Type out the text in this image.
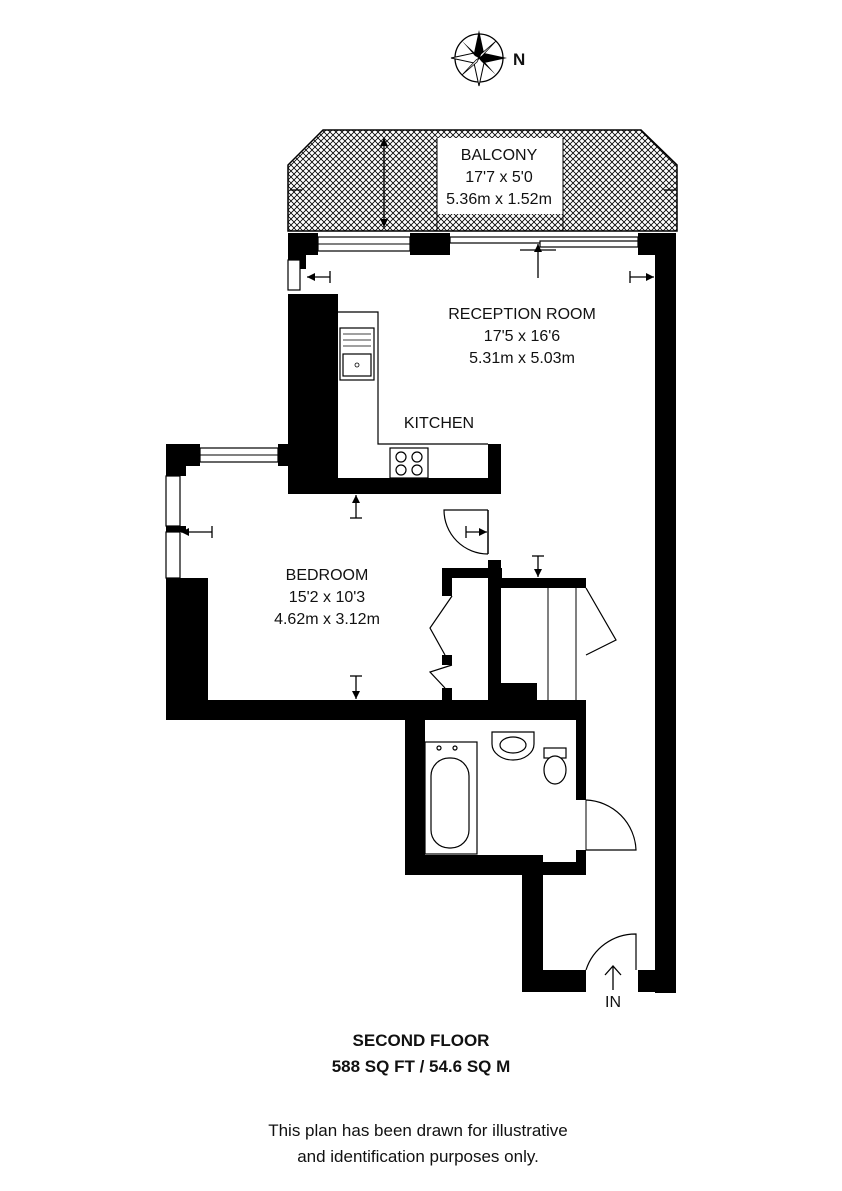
N
BALCONY
17'7 x 5'0
5.36m x 1.52m
RECEPTION ROOM
17'5 x 16'6
5.31m x 5.03m
KITCHEN
BEDROOM
15'2 x 10'3
4.62m x 3.12m
IN
SECOND FLOOR
588 SQ FT / 54.6 SQ M
This plan has been drawn for illustrative
and identification purposes only.
